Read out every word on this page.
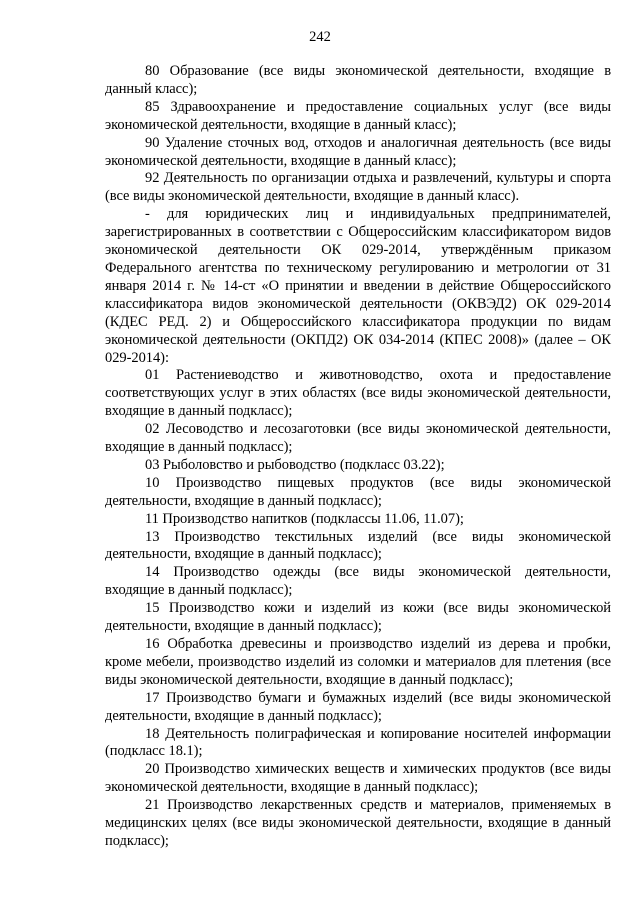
242

80 Образование (все виды экономической деятельности, входящие в данный класс);

85 Здравоохранение и предоставление социальных услуг (все виды экономической деятельности, входящие в данный класс);

90 Удаление сточных вод, отходов и аналогичная деятельность (все виды экономической деятельности, входящие в данный класс);

92 Деятельность по организации отдыха и развлечений, культуры и спорта (все виды экономической деятельности, входящие в данный класс).

- для юридических лиц и индивидуальных предпринимателей, зарегистрированных в соответствии с Общероссийским классификатором видов экономической деятельности ОК 029-2014, утверждённым приказом Федерального агентства по техническому регулированию и метрологии от 31 января 2014 г. № 14-ст «О принятии и введении в действие Общероссийского классификатора видов экономической деятельности (ОКВЭД2) ОК 029-2014 (КДЕС РЕД. 2) и Общероссийского классификатора продукции по видам экономической деятельности (ОКПД2) ОК 034-2014 (КПЕС 2008)» (далее – ОК 029-2014):

01 Растениеводство и животноводство, охота и предоставление соответствующих услуг в этих областях (все виды экономической деятельности, входящие в данный подкласс);

02 Лесоводство и лесозаготовки (все виды экономической деятельности, входящие в данный подкласс);

03 Рыболовство и рыбоводство (подкласс 03.22);

10 Производство пищевых продуктов (все виды экономической деятельности, входящие в данный подкласс);

11 Производство напитков (подклассы 11.06, 11.07);

13 Производство текстильных изделий (все виды экономической деятельности, входящие в данный подкласс);

14 Производство одежды (все виды экономической деятельности, входящие в данный подкласс);

15 Производство кожи и изделий из кожи (все виды экономической деятельности, входящие в данный подкласс);

16 Обработка древесины и производство изделий из дерева и пробки, кроме мебели, производство изделий из соломки и материалов для плетения (все виды экономической деятельности, входящие в данный подкласс);

17 Производство бумаги и бумажных изделий (все виды экономической деятельности, входящие в данный подкласс);

18 Деятельность полиграфическая и копирование носителей информации (подкласс 18.1);

20 Производство химических веществ и химических продуктов (все виды экономической деятельности, входящие в данный подкласс);

21 Производство лекарственных средств и материалов, применяемых в медицинских целях (все виды экономической деятельности, входящие в данный подкласс);
